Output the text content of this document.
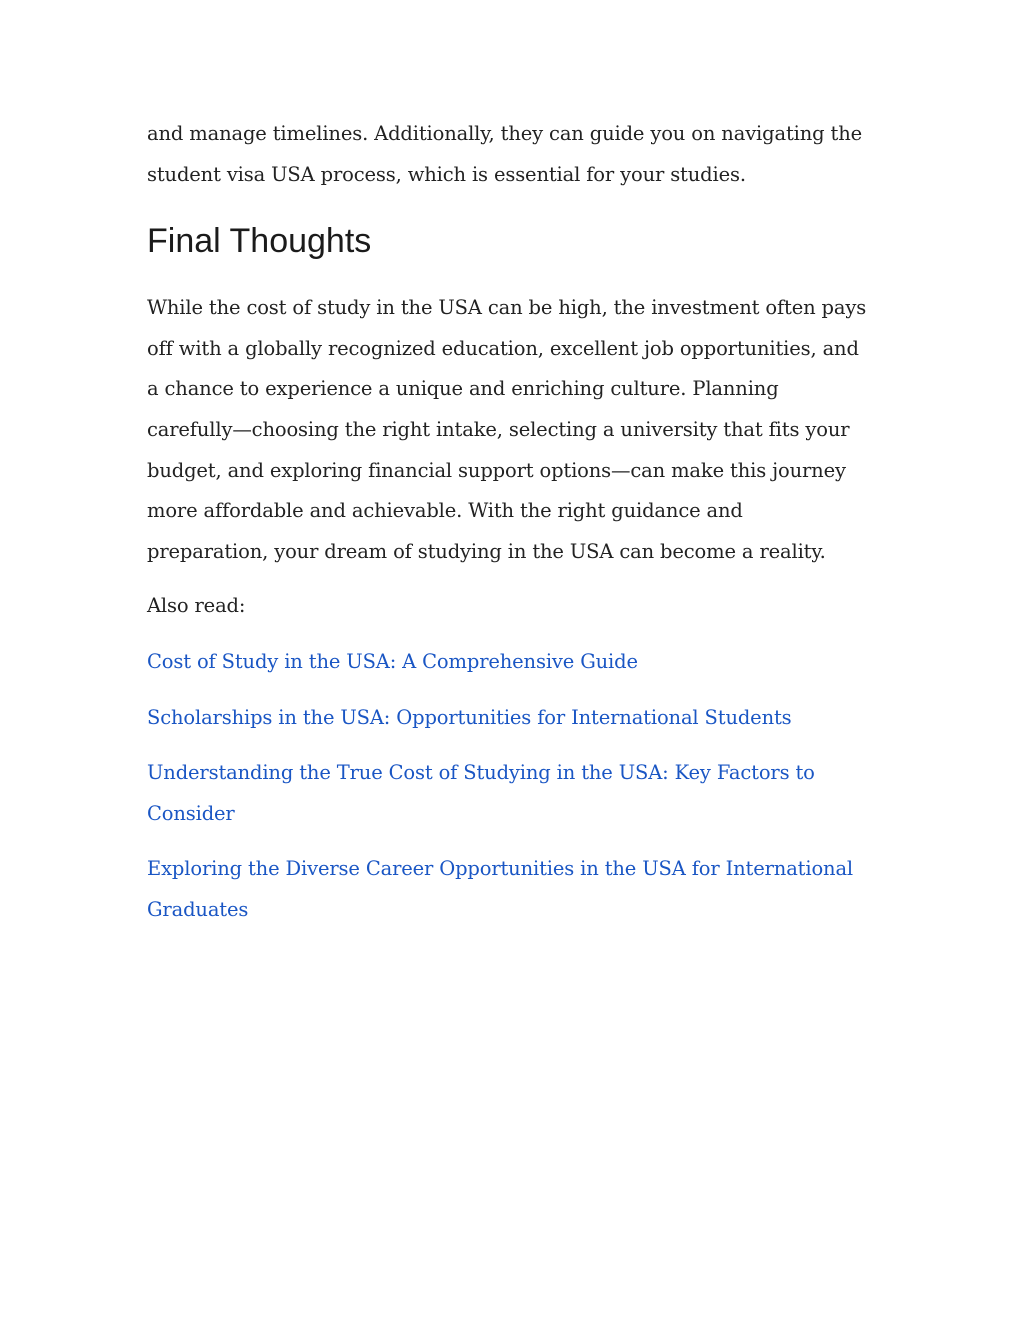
and manage timelines. Additionally, they can guide you on navigating the
student visa USA process, which is essential for your studies.

Final Thoughts

While the cost of study in the USA can be high, the investment often pays
off with a globally recognized education, excellent job opportunities, and
a chance to experience a unique and enriching culture. Planning
carefully—choosing the right intake, selecting a university that fits your
budget, and exploring financial support options—can make this journey
more affordable and achievable. With the right guidance and
preparation, your dream of studying in the USA can become a reality.

Also read:

Cost of Study in the USA: A Comprehensive Guide
Scholarships in the USA: Opportunities for International Students
Understanding the True Cost of Studying in the USA: Key Factors to
Consider
Exploring the Diverse Career Opportunities in the USA for International
Graduates
